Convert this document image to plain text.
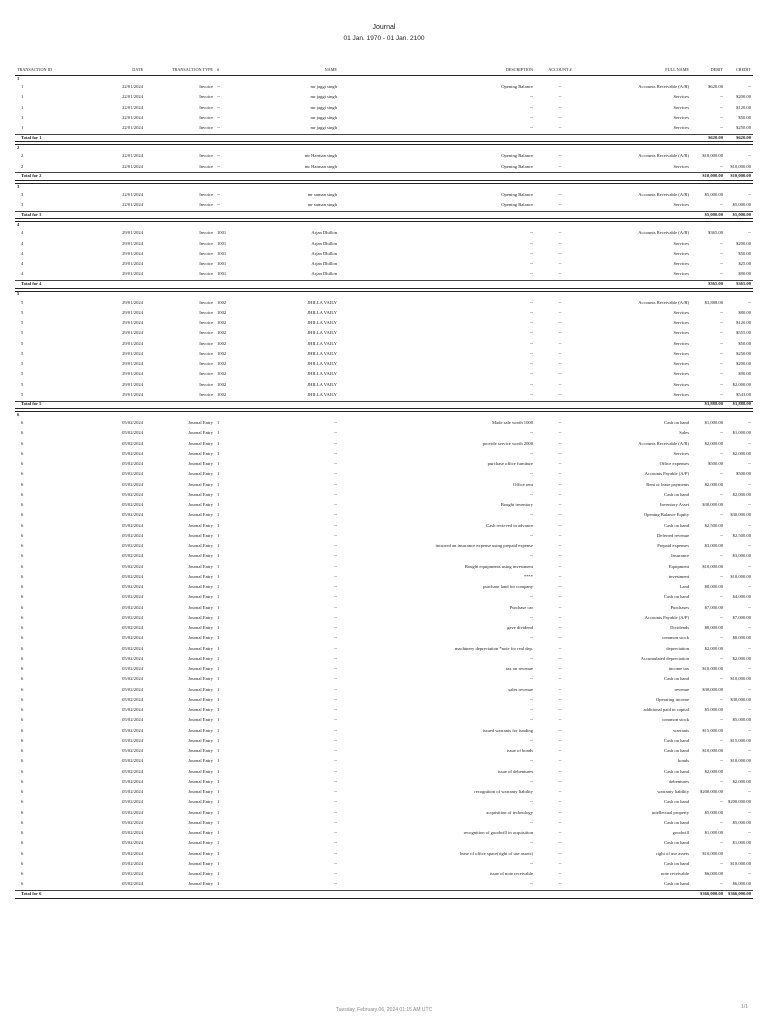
Journal
01 Jan. 1970 - 01 Jan. 2100
TRANSACTION ID	DATE	TRANSACTION TYPE	#	NAME	DESCRIPTION	ACCOUNT #	FULL NAME	DEBIT	CREDIT
1									
1	22/01/2024	Invoice	--	mr jaggi singh	Opening Balance	--	Accounts Receivable (A/R)	$620.00	--
1	22/01/2024	Invoice	--	mr jaggi singh	--	--	Services	--	$200.00
1	22/01/2024	Invoice	--	mr jaggi singh	--	--	Services	--	$120.00
1	22/01/2024	Invoice	--	mr jaggi singh	--	--	Services	--	$50.00
1	22/01/2024	Invoice	--	mr jaggi singh	--	--	Services	--	$250.00
Total for 1								$620.00	$620.00

2									
2	22/01/2024	Invoice	--	mr Harman singh	Opening Balance	--	Accounts Receivable (A/R)	$10,000.00	--
2	22/01/2024	Invoice	--	mr Harman singh	Opening Balance	--	Services	--	$10,000.00
Total for 2								$10,000.00	$10,000.00

3									
3	22/01/2024	Invoice	--	mr suman singh	Opening Balance	--	Accounts Receivable (A/R)	$5,000.00	--
3	22/01/2024	Invoice	--	mr suman singh	Opening Balance	--	Services	--	$5,000.00
Total for 3								$5,000.00	$5,000.00

4									
4	29/01/2024	Invoice	1001	Arjan Dhillon	--	--	Accounts Receivable (A/R)	$365.00	--
4	29/01/2024	Invoice	1001	Arjan Dhillon	--	--	Services	--	$200.00
4	29/01/2024	Invoice	1001	Arjan Dhillon	--	--	Services	--	$50.00
4	29/01/2024	Invoice	1001	Arjan Dhillon	--	--	Services	--	$25.00
4	29/01/2024	Invoice	1001	Arjan Dhillon	--	--	Services	--	$90.00
Total for 4								$365.00	$365.00

5									
5	29/01/2024	Invoice	1002	JHILLA VAILY	--	--	Accounts Receivable (A/R)	$3,888.00	--
5	29/01/2024	Invoice	1002	JHILLA VAILY	--	--	Services	--	$80.00
5	29/01/2024	Invoice	1002	JHILLA VAILY	--	--	Services	--	$120.00
5	29/01/2024	Invoice	1002	JHILLA VAILY	--	--	Services	--	$555.00
5	29/01/2024	Invoice	1002	JHILLA VAILY	--	--	Services	--	$50.00
5	29/01/2024	Invoice	1002	JHILLA VAILY	--	--	Services	--	$250.00
5	29/01/2024	Invoice	1002	JHILLA VAILY	--	--	Services	--	$200.00
5	29/01/2024	Invoice	1002	JHILLA VAILY	--	--	Services	--	$90.00
5	29/01/2024	Invoice	1002	JHILLA VAILY	--	--	Services	--	$2,000.00
5	29/01/2024	Invoice	1002	JHILLA VAILY	--	--	Services	--	$543.00
Total for 5								$3,888.00	$3,888.00

6									
6	05/02/2024	Journal Entry	1	--	Made sale worth 1000	--	Cash on hand	$1,000.00	--
6	05/02/2024	Journal Entry	1	--	--	--	Sales	--	$1,000.00
6	05/02/2024	Journal Entry	1	--	provide service worth 2000	--	Accounts Receivable (A/R)	$2,000.00	--
6	05/02/2024	Journal Entry	1	--	--	--	Services	--	$2,000.00
6	05/02/2024	Journal Entry	1	--	purchase office furniture	--	Office expenses	$500.00	--
6	05/02/2024	Journal Entry	1	--	--	--	Accounts Payable (A/P)	--	$500.00
6	05/02/2024	Journal Entry	1	--	Office rent	--	Rent or lease payments	$2,000.00	--
6	05/02/2024	Journal Entry	1	--	--	--	Cash on hand	--	$2,000.00
6	05/02/2024	Journal Entry	1	--	Bought inventory	--	Inventory Asset	$30,000.00	--
6	05/02/2024	Journal Entry	1	--	--	--	Opening Balance Equity	--	$30,000.00
6	05/02/2024	Journal Entry	1	--	Cash recieved in advance	--	Cash on hand	$2,500.00	--
6	05/02/2024	Journal Entry	1	--	--	--	Deferred revenue	--	$2,500.00
6	05/02/2024	Journal Entry	1	--	incurred an insurance expense using prepaid expense	--	Prepaid expenses	$3,000.00	--
6	05/02/2024	Journal Entry	1	--	--	--	Insurance	--	$3,000.00
6	05/02/2024	Journal Entry	1	--	Bought equipments using investment	--	Equipment	$10,000.00	--
6	05/02/2024	Journal Entry	1	--	****	--	investment	--	$10,000.00
6	05/02/2024	Journal Entry	1	--	purchase land for company	--	Land	$8,000.00	--
6	05/02/2024	Journal Entry	1	--	--	--	Cash on hand	--	$4,000.00
6	05/02/2024	Journal Entry	1	--	Purchase car	--	Purchases	$7,000.00	--
6	05/02/2024	Journal Entry	1	--	--	--	Accounts Payable (A/P)	--	$7,000.00
6	05/02/2024	Journal Entry	1	--	gave dividend	--	Dividends	$8,000.00	--
6	05/02/2024	Journal Entry	1	--	--	--	common stock	--	$8,000.00
6	05/02/2024	Journal Entry	1	--	machinery depreciation *note for real dep.	--	depreciation	$2,000.00	--
6	05/02/2024	Journal Entry	1	--	--	--	Accumulated depreciation	--	$2,000.00
6	05/02/2024	Journal Entry	1	--	tax on revenue	--	income tax	$10,000.00	--
6	05/02/2024	Journal Entry	1	--	--	--	Cash on hand	--	$10,000.00
6	05/02/2024	Journal Entry	1	--	sales revenue	--	revenue	$30,000.00	--
6	05/02/2024	Journal Entry	1	--	--	--	Operating income	--	$30,000.00
6	05/02/2024	Journal Entry	1	--	--	--	additional paid in capital	$5,000.00	--
6	05/02/2024	Journal Entry	1	--	--	--	common stock	--	$5,000.00
6	05/02/2024	Journal Entry	1	--	issued warrants for funding	--	warrants	$15,000.00	--
6	05/02/2024	Journal Entry	1	--	--	--	Cash on hand	--	$15,000.00
6	05/02/2024	Journal Entry	1	--	issue of bonds	--	Cash on hand	$10,000.00	--
6	05/02/2024	Journal Entry	1	--	--	--	bonds	--	$10,000.00
6	05/02/2024	Journal Entry	1	--	issue of debentures	--	Cash on hand	$2,000.00	--
6	05/02/2024	Journal Entry	1	--	--	--	debentures	--	$2,000.00
6	05/02/2024	Journal Entry	1	--	recognition of warranty liability	--	warranty liability	$200,000.00	--
6	05/02/2024	Journal Entry	1	--	--	--	Cash on hand	--	$200,000.00
6	05/02/2024	Journal Entry	1	--	acquisition of technology	--	intellectual property	$5,000.00	--
6	05/02/2024	Journal Entry	1	--	--	--	Cash on hand	--	$5,000.00
6	05/02/2024	Journal Entry	1	--	recognition of goodwill in acquisition	--	goodwill	$1,000.00	--
6	05/02/2024	Journal Entry	1	--	--	--	Cash on hand	--	$1,000.00
6	05/02/2024	Journal Entry	1	--	lease of office space(right of use assets)	--	right of use assets	$10,000.00	--
6	05/02/2024	Journal Entry	1	--	--	--	Cash on hand	--	$10,000.00
6	05/02/2024	Journal Entry	1	--	issue of note receivable	--	note receivable	$6,000.00	--
6	05/02/2024	Journal Entry	1	--	--	--	Cash on hand	--	$6,000.00
Total for 6								$366,000.00	$366,000.00

Tuesday, February 06, 2024 01:15 AM UTC	1/1
